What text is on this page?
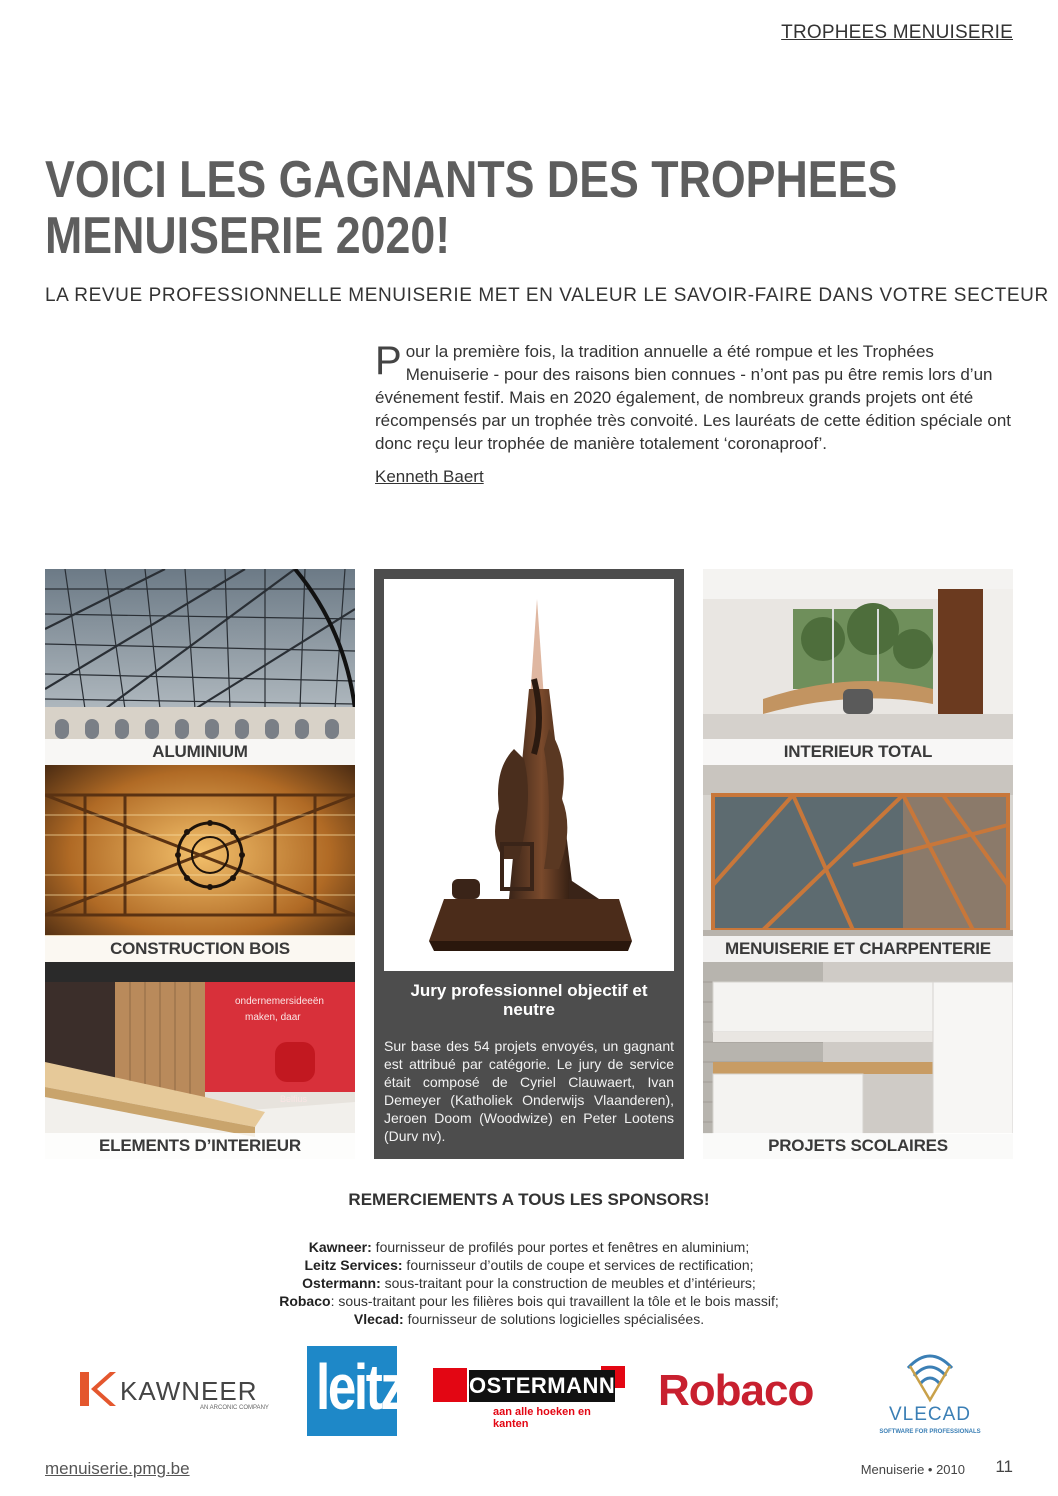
TROPHEES MENUISERIE
VOICI LES GAGNANTS DES TROPHEES
MENUISERIE 2020!
LA REVUE PROFESSIONNELLE MENUISERIE MET EN VALEUR LE SAVOIR-FAIRE DANS VOTRE SECTEUR

Pour la première fois, la tradition annuelle a été rompue et les Trophées Menuiserie - pour des raisons bien connues - n’ont pas pu être remis lors d’un événement festif. Mais en 2020 également, de nombreux grands projets ont été récompensés par un trophée très convoité. Les lauréats de cette édition spéciale ont donc reçu leur trophée de manière totalement ‘coronaproof’.

Kenneth Baert
ALUMINIUM
CONSTRUCTION BOIS
ondernemersideeën
maken, daar
Belfius
ELEMENTS D’INTERIEUR
Jury professionnel objectif et neutre
Sur base des 54 projets envoyés, un gagnant est attribué par catégorie. Le jury de service était composé de Cyriel Clauwaert, Ivan Demeyer (Katholiek Onderwijs Vlaanderen), Jeroen Doom (Woodwize) en Peter Lootens (Durv nv).
INTERIEUR TOTAL
MENUISERIE ET CHARPENTERIE
PROJETS SCOLAIRES
REMERCIEMENTS A TOUS LES SPONSORS!
Kawneer: fournisseur de profilés pour portes et fenêtres en aluminium;
Leitz Services: fournisseur d’outils de coupe et services de rectification;
Ostermann: sous-traitant pour la construction de meubles et d’intérieurs;
Robaco: sous-traitant pour les filières bois qui travaillent la tôle et le bois massif;
Vlecad: fournisseur de solutions logicielles spécialisées.
KAWNEER
AN ARCONIC COMPANY leitz	OSTERMANN
aan alle hoeken en kanten
Robaco	VLECAD
SOFTWARE FOR PROFESSIONALS
menuiserie.pmg.be	Menuiserie • 2010 11
